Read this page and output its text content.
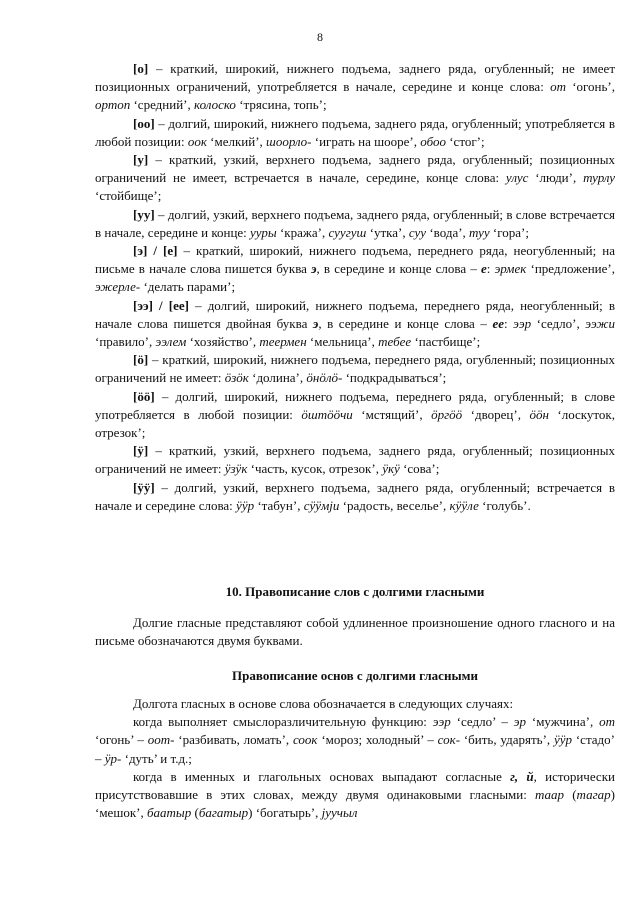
8

[о] – краткий, широкий, нижнего подъема, заднего ряда, огубленный; не имеет позиционных ограничений, употребляется в начале, середине и конце слова: от ‘огонь’, ортоп ‘средний’, колоско ‘трясина, топь’;

[оо] – долгий, широкий, нижнего подъема, заднего ряда, огубленный; употребляется в любой позиции: оок ‘мелкий’, шоорло- ‘играть на шооре’, обоо ‘стог’;

[у] – краткий, узкий, верхнего подъема, заднего ряда, огубленный; позиционных ограничений не имеет, встречается в начале, середине, конце слова: улус ‘люди’, турлу ‘стойбище’;

[уу] – долгий, узкий, верхнего подъема, заднего ряда, огубленный; в слове встречается в начале, середине и конце: ууры ‘кража’, суугуш ‘утка’, суу ‘вода’, туу ‘гора’;

[э] / [е] – краткий, широкий, нижнего подъема, переднего ряда, неогубленный; на письме в начале слова пишется буква э, в середине и конце слова – е: эрмек ‘предложение’, эжерле- ‘делать парами’;

[ээ] / [ее] – долгий, широкий, нижнего подъема, переднего ряда, неогубленный; в начале слова пишется двойная буква э, в середине и конце слова – ее: ээр ‘седло’, ээжи ‘правило’, ээлем ‘хозяйство’, теермен ‘мельница’, тебее ‘пастбище’;

[ӧ] – краткий, широкий, нижнего подъема, переднего ряда, огубленный; позиционных ограничений не имеет: ӧзӧк ‘долина’, ӧнӧлӧ- ‘подкрадываться’;

[ӧӧ] – долгий, широкий, нижнего подъема, переднего ряда, огубленный; в слове употребляется в любой позиции: ӧштӧӧчи ‘мстящий’, ӧргӧӧ ‘дворец’, ӧӧн ‘лоскуток, отрезок’;

[ӱ] – краткий, узкий, верхнего подъема, заднего ряда, огубленный; позиционных ограничений не имеет: ӱзӱк ‘часть, кусок, отрезок’, ӱкӱ ‘сова’;

[ӱӱ] – долгий, узкий, верхнего подъема, заднего ряда, огубленный; встречается в начале и середине слова: ӱӱр ‘табун’, сӱӱмји ‘радость, веселье’, кӱӱле ‘голубь’.

10. Правописание слов с долгими гласными

Долгие гласные представляют собой удлиненное произношение одного гласного и на письме обозначаются двумя буквами.

Правописание основ с долгими гласными

Долгота гласных в основе слова обозначается в следующих случаях:

когда выполняет смыслоразличительную функцию: ээр ‘седло’ – эр ‘мужчина’, от ‘огонь’ – оот- ‘разбивать, ломать’, соок ‘мороз; холодный’ – сок- ‘бить, ударять’, ӱӱр ‘стадо’ – ӱр- ‘дуть’ и т.д.;

когда в именных и глагольных основах выпадают согласные г, й, исторически присутствовавшие в этих словах, между двумя одинаковыми гласными: таар (тагар) ‘мешок’, баатыр (багатыр) ‘богатырь’, јуучыл
